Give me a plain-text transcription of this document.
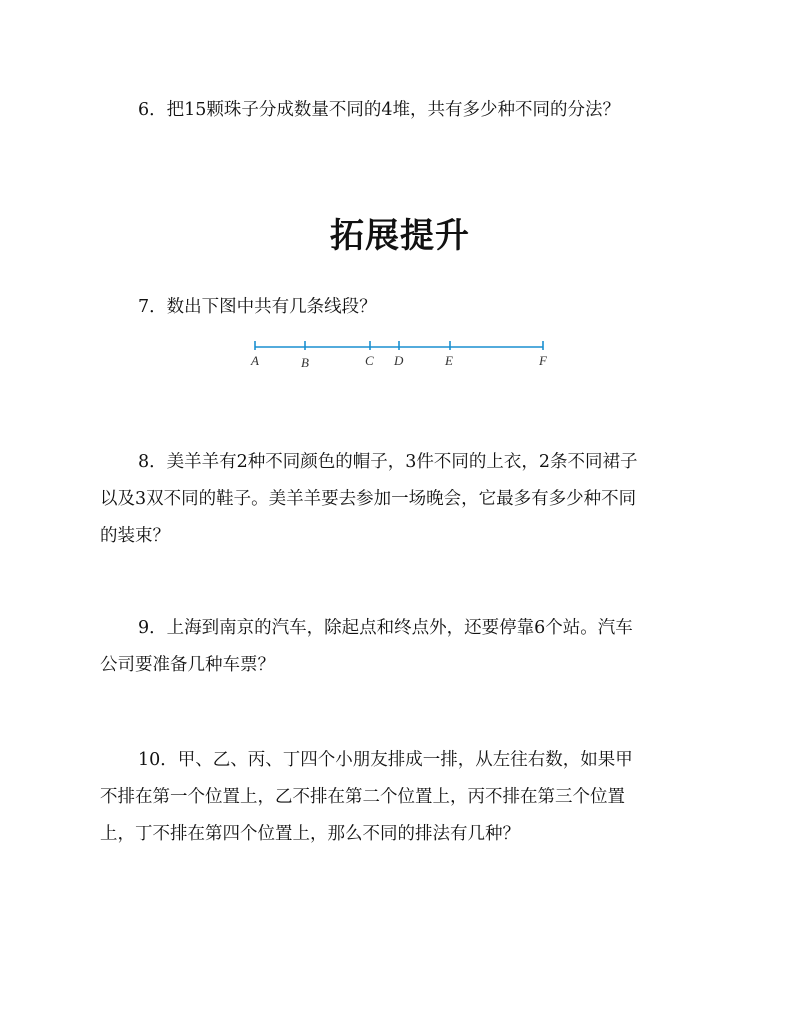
6．把15颗珠子分成数量不同的4堆，共有多少种不同的分法？

拓展提升

7．数出下图中共有几条线段？

A	B	C D	E	F

8．美羊羊有2种不同颜色的帽子，3件不同的上衣，2条不同裙子
以及3双不同的鞋子。美羊羊要去参加一场晚会，它最多有多少种不同
的装束？

9．上海到南京的汽车，除起点和终点外，还要停靠6个站。汽车
公司要准备几种车票？

10．甲、乙、丙、丁四个小朋友排成一排，从左往右数，如果甲
不排在第一个位置上，乙不排在第二个位置上，丙不排在第三个位置
上，丁不排在第四个位置上，那么不同的排法有几种？
